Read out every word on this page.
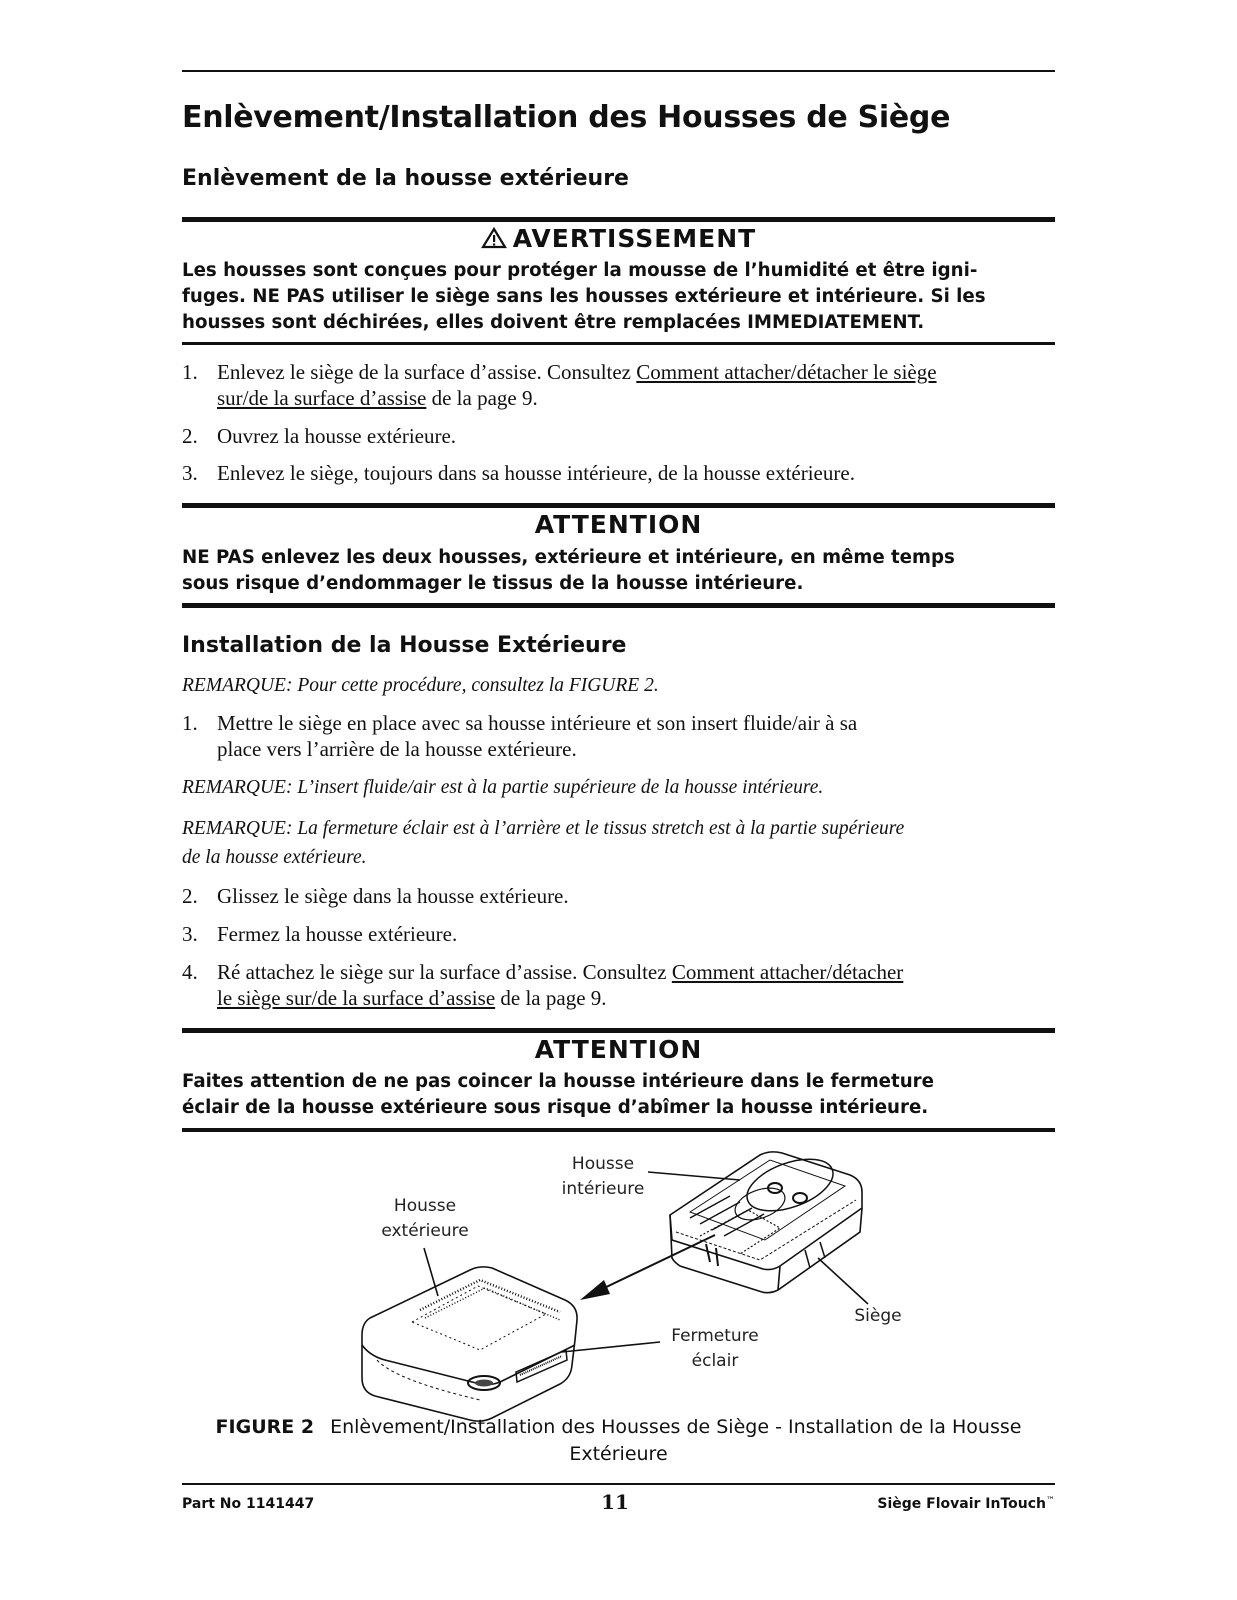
Enlèvement/Installation des Housses de Siège
Enlèvement de la housse extérieure
AVERTISSEMENT
Les housses sont conçues pour protéger la mousse de l’humidité et être igni-
fuges. NE PAS utiliser le siège sans les housses extérieure et intérieure. Si les
housses sont déchirées, elles doivent être remplacées IMMEDIATEMENT.
1. Enlevez le siège de la surface d’assise. Consultez Comment attacher/détacher le siège
sur/de la surface d’assise de la page 9.
2. Ouvrez la housse extérieure.
3. Enlevez le siège, toujours dans sa housse intérieure, de la housse extérieure.
ATTENTION
NE PAS enlevez les deux housses, extérieure et intérieure, en même temps
sous risque d’endommager le tissus de la housse intérieure.
Installation de la Housse Extérieure
REMARQUE: Pour cette procédure, consultez la FIGURE 2.
1. Mettre le siège en place avec sa housse intérieure et son insert fluide/air à sa
place vers l’arrière de la housse extérieure.
REMARQUE: L’insert fluide/air est à la partie supérieure de la housse intérieure.
REMARQUE: La fermeture éclair est à l’arrière et le tissus stretch est à la partie supérieure
de la housse extérieure.
2. Glissez le siège dans la housse extérieure.
3. Fermez la housse extérieure.
4. Ré attachez le siège sur la surface d’assise. Consultez Comment attacher/détacher
le siège sur/de la surface d’assise de la page 9.
ATTENTION
Faites attention de ne pas coincer la housse intérieure dans le fermeture
éclair de la housse extérieure sous risque d’abîmer la housse intérieure.
Housse
intérieure
Housse
extérieure
Siège
Fermeture
éclair
FIGURE 2 Enlèvement/Installation des Housses de Siège - Installation de la Housse
Extérieure
Part No 1141447	11	Siège Flovair InTouch™
